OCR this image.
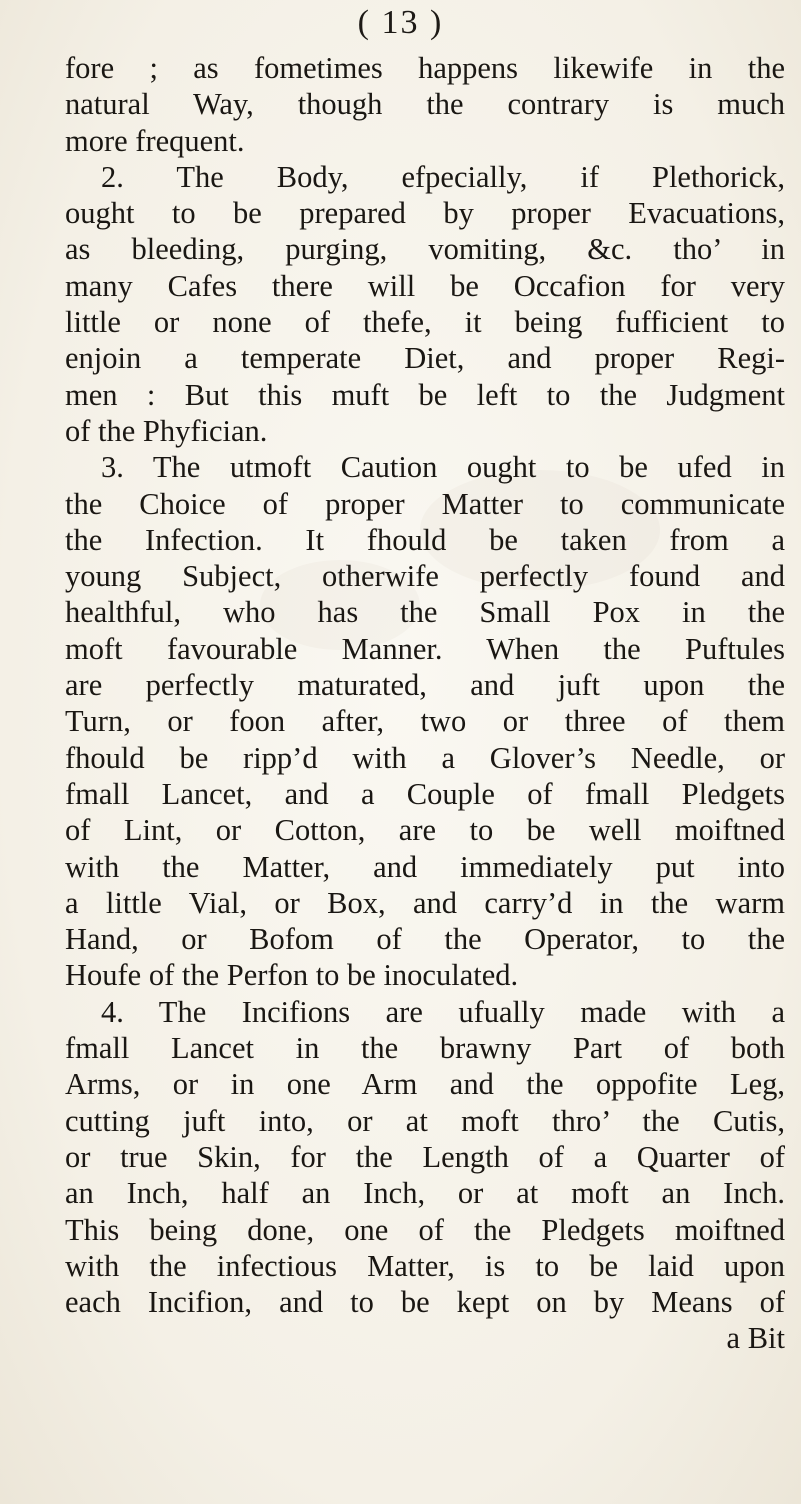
( 13 )
fore ; as fometimes happens likewife in the
natural Way, though the contrary is much
more frequent.
2. The Body, efpecially, if Plethorick,
ought to be prepared by proper Evacuations,
as bleeding, purging, vomiting, &c. tho’ in
many Cafes there will be Occafion for very
little or none of thefe, it being fufficient to
enjoin a temperate Diet, and proper Regi-
men : But this muft be left to the Judgment
of the Phyfician.
3. The utmoft Caution ought to be ufed in
the Choice of proper Matter to communicate
the Infection. It fhould be taken from a
young Subject, otherwife perfectly found and
healthful, who has the Small Pox in the
moft favourable Manner. When the Puftules
are perfectly maturated, and juft upon the
Turn, or foon after, two or three of them
fhould be ripp’d with a Glover’s Needle, or
fmall Lancet, and a Couple of fmall Pledgets
of Lint, or Cotton, are to be well moiftned
with the Matter, and immediately put into
a little Vial, or Box, and carry’d in the warm
Hand, or Bofom of the Operator, to the
Houfe of the Perfon to be inoculated.
4. The Incifions are ufually made with a
fmall Lancet in the brawny Part of both
Arms, or in one Arm and the oppofite Leg,
cutting juft into, or at moft thro’ the Cutis,
or true Skin, for the Length of a Quarter of
an Inch, half an Inch, or at moft an Inch.
This being done, one of the Pledgets moiftned
with the infectious Matter, is to be laid upon
each Incifion, and to be kept on by Means of
a Bit
